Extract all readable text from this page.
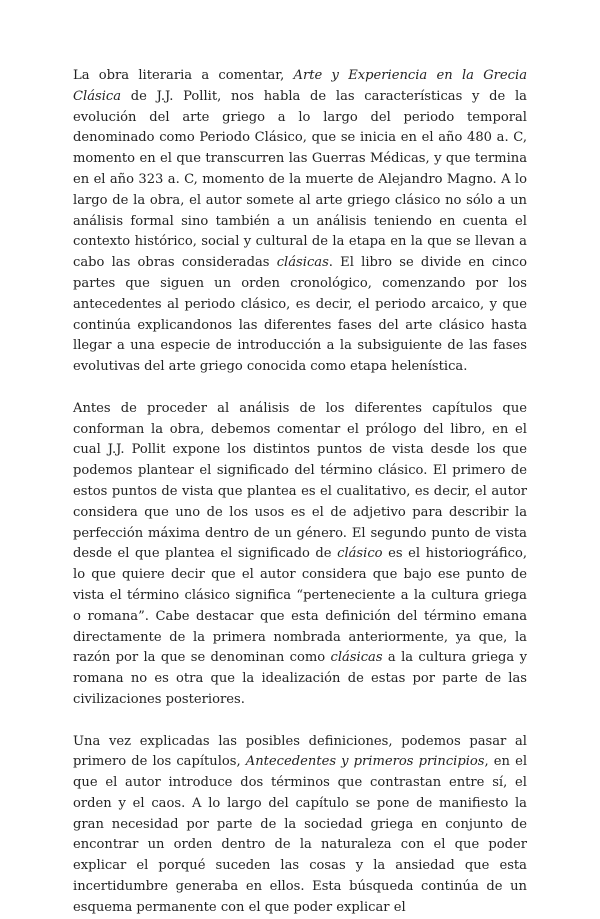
La obra literaria a comentar, Arte y Experiencia en la Grecia Clásica de J.J. Pollit, nos habla de las características y de la evolución del arte griego a lo largo del periodo temporal denominado como Periodo Clásico, que se inicia en el año 480 a. C, momento en el que transcurren las Guerras Médicas, y que termina en el año 323 a. C, momento de la muerte de Alejandro Magno. A lo largo de la obra, el autor somete al arte griego clásico no sólo a un análisis formal sino también a un análisis teniendo en cuenta el contexto histórico, social y cultural de la etapa en la que se llevan a cabo las obras consideradas clásicas. El libro se divide en cinco partes que siguen un orden cronológico, comenzando por los antecedentes al periodo clásico, es decir, el periodo arcaico, y que continúa explicandonos las diferentes fases del arte clásico hasta llegar a una especie de introducción a la subsiguiente de las fases evolutivas del arte griego conocida como etapa helenística.

Antes de proceder al análisis de los diferentes capítulos que conforman la obra, debemos comentar el prólogo del libro, en el cual J.J. Pollit expone los distintos puntos de vista desde los que podemos plantear el significado del término clásico. El primero de estos puntos de vista que plantea es el cualitativo, es decir, el autor considera que uno de los usos es el de adjetivo para describir la perfección máxima dentro de un género. El segundo punto de vista desde el que plantea el significado de clásico es el historiográfico, lo que quiere decir que el autor considera que bajo ese punto de vista el término clásico significa “perteneciente a la cultura griega o romana”. Cabe destacar que esta definición del término emana directamente de la primera nombrada anteriormente, ya que, la razón por la que se denominan como clásicas a la cultura griega y romana no es otra que la idealización de estas por parte de las civilizaciones posteriores.

Una vez explicadas las posibles definiciones, podemos pasar al primero de los capítulos, Antecedentes y primeros principios, en el que el autor introduce dos términos que contrastan entre sí, el orden y el caos. A lo largo del capítulo se pone de manifiesto la gran necesidad por parte de la sociedad griega en conjunto de encontrar un orden dentro de la naturaleza con el que poder explicar el porqué suceden las cosas y la ansiedad que esta incertidumbre generaba en ellos. Esta búsqueda continúa de un esquema permanente con el que poder explicar el
